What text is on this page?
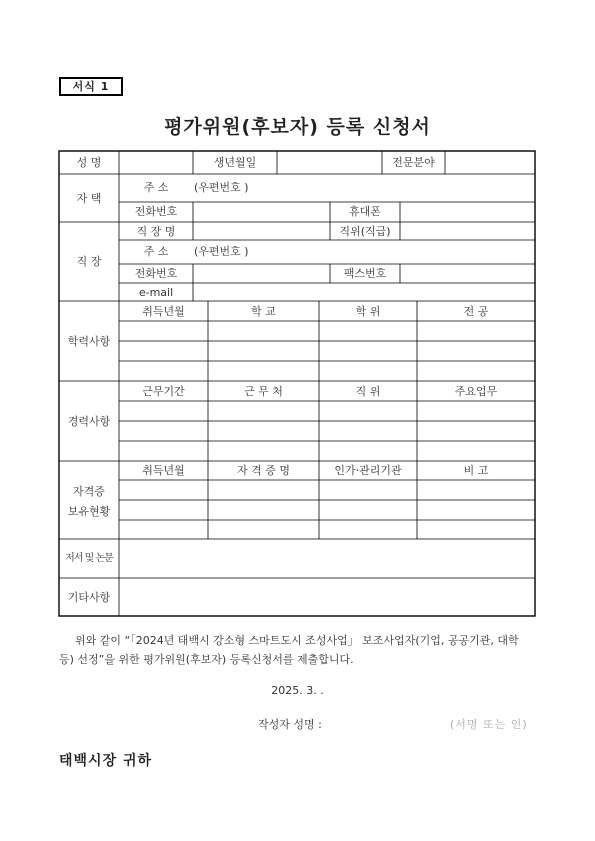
서식 1
평가위원(후보자) 등록 신청서
성 명	생년월일	전문분야
자 택
주 소	(우편번호 )
전화번호	휴대폰
직 장
직 장 명	직위(직급)
주 소	(우편번호 )
전화번호	팩스번호
e-mail
학력사항
취득년월	학 교	학 위	전 공
경력사항
근무기간	근 무 처	직 위	주요업무
자격증
보유현황
취득년월	자 격 증 명	인가·관리기관	비 고
저서 및 논문
기타사항
위와 같이 “「2024년 태백시 강소형 스마트도시 조성사업」 보조사업자(기업, 공공기관, 대학 등) 선정”을 위한 평가위원(후보자) 등록신청서를 제출합니다.
2025. 3. .
작성자 성명 :	(서명 또는 인)
태백시장 귀하
